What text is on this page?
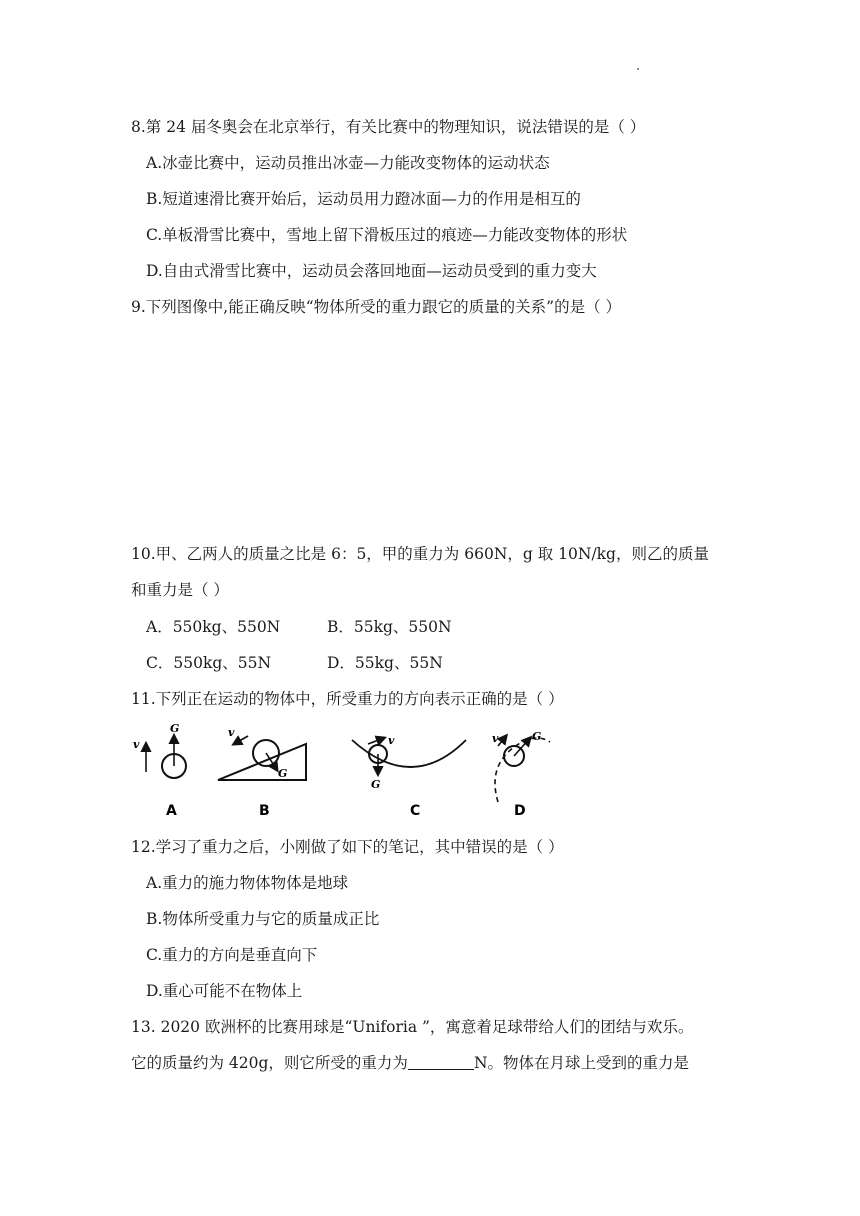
8.第 24 届冬奥会在北京举行，有关比赛中的物理知识，说法错误的是（ ）
A.冰壶比赛中，运动员推出冰壶—力能改变物体的运动状态
B.短道速滑比赛开始后，运动员用力蹬冰面—力的作用是相互的
C.单板滑雪比赛中，雪地上留下滑板压过的痕迹—力能改变物体的形状
D.自由式滑雪比赛中，运动员会落回地面—运动员受到的重力变大
9.下列图像中,能正确反映“物体所受的重力跟它的质量的关系”的是（ ）
10.甲、乙两人的质量之比是 6：5，甲的重力为 660N，g 取 10N/kg，则乙的质量
和重力是（ ）
A．550kg、550N	B．55kg、550N
C．550kg、55N	D．55kg、55N
11.下列正在运动的物体中，所受重力的方向表示正确的是（ ）
v
G
A
v
G
B
v
G
C
v	G
D
12.学习了重力之后，小刚做了如下的笔记，其中错误的是（ ）
A.重力的施力物体物体是地球
B.物体所受重力与它的质量成正比
C.重力的方向是垂直向下
D.重心可能不在物体上
13. 2020 欧洲杯的比赛用球是“Uniforia ”，寓意着足球带给人们的团结与欢乐。
它的质量约为 420g，则它所受的重力为	N。物体在月球上受到的重力是
